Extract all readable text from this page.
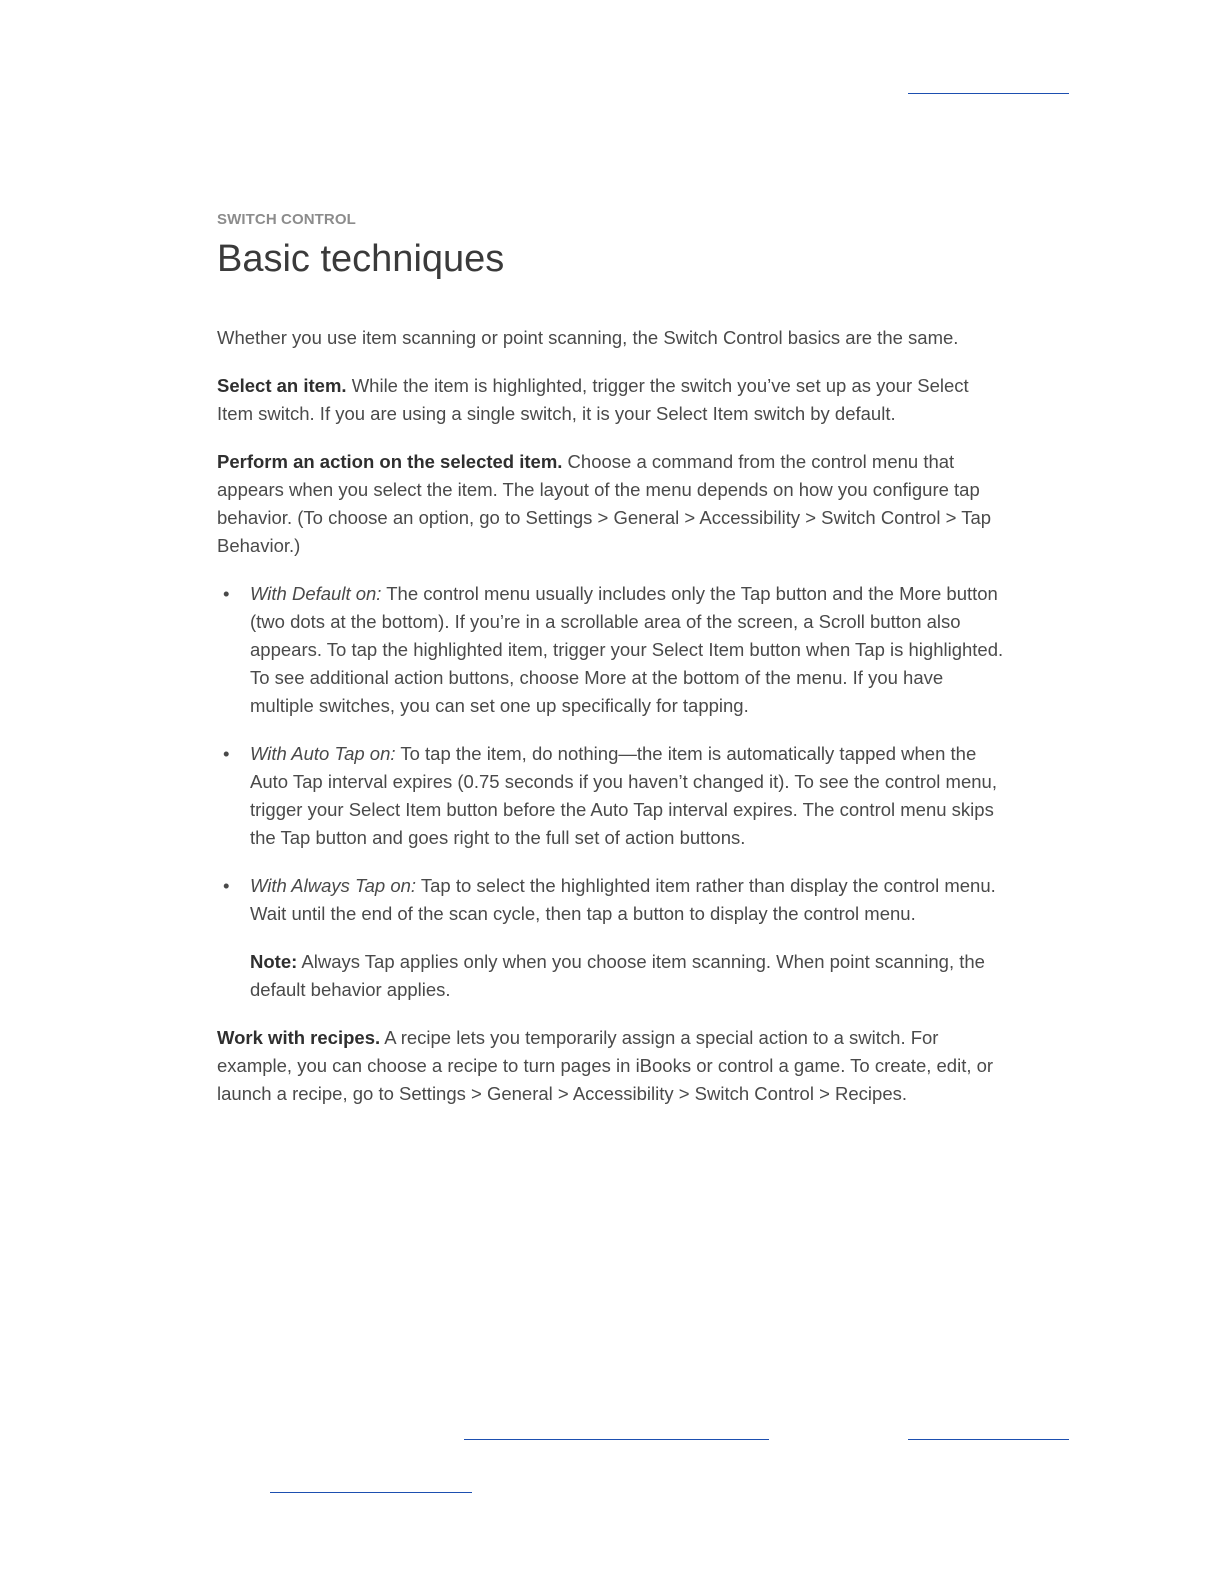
SWITCH CONTROL
Basic techniques

Whether you use item scanning or point scanning, the Switch Control basics are the same.

Select an item. While the item is highlighted, trigger the switch you’ve set up as your Select Item switch. If you are using a single switch, it is your Select Item switch by default.

Perform an action on the selected item. Choose a command from the control menu that appears when you select the item. The layout of the menu depends on how you configure tap behavior. (To choose an option, go to Settings > General > Accessibility > Switch Control > Tap Behavior.)

• With Default on: The control menu usually includes only the Tap button and the More button (two dots at the bottom). If you’re in a scrollable area of the screen, a Scroll button also appears. To tap the highlighted item, trigger your Select Item button when Tap is highlighted. To see additional action buttons, choose More at the bottom of the menu. If you have multiple switches, you can set one up specifically for tapping.
• With Auto Tap on: To tap the item, do nothing—the item is automatically tapped when the Auto Tap interval expires (0.75 seconds if you haven’t changed it). To see the control menu, trigger your Select Item button before the Auto Tap interval expires. The control menu skips the Tap button and goes right to the full set of action buttons.
• With Always Tap on: Tap to select the highlighted item rather than display the control menu. Wait until the end of the scan cycle, then tap a button to display the control menu.

Note: Always Tap applies only when you choose item scanning. When point scanning, the default behavior applies.

Work with recipes. A recipe lets you temporarily assign a special action to a switch. For example, you can choose a recipe to turn pages in iBooks or control a game. To create, edit, or launch a recipe, go to Settings > General > Accessibility > Switch Control > Recipes.
